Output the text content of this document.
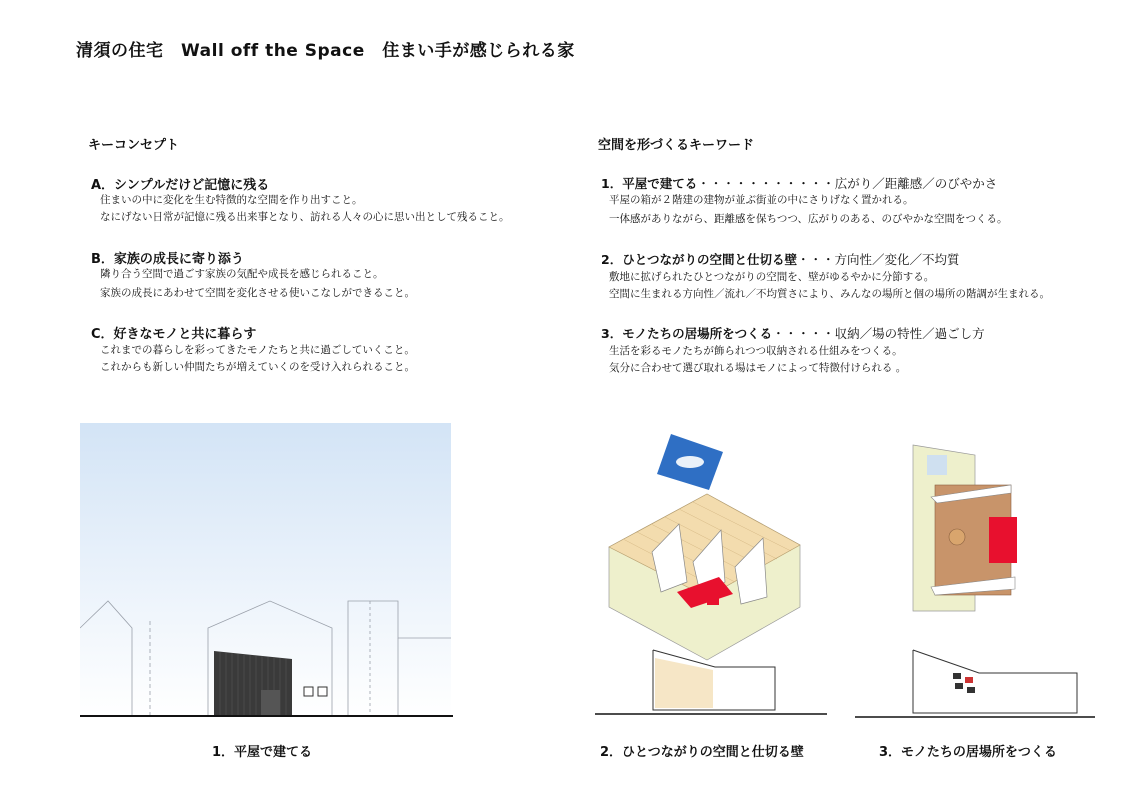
清須の住宅　Wall off the Space　住まい手が感じられる家
キーコンセプト
A．シンプルだけど記憶に残る
住まいの中に変化を生む特徴的な空間を作り出すこと。
なにげない日常が記憶に残る出来事となり、訪れる人々の心に思い出として残ること。
B．家族の成長に寄り添う
隣り合う空間で過ごす家族の気配や成長を感じられること。
家族の成長にあわせて空間を変化させる使いこなしができること。
C．好きなモノと共に暮らす
これまでの暮らしを彩ってきたモノたちと共に過ごしていくこと。
これからも新しい仲間たちが増えていくのを受け入れられること。
空間を形づくるキーワード
1．平屋で建てる・・・・・・・・・・・広がり／距離感／のびやかさ
平屋の箱が２階建の建物が並ぶ街並の中にさりげなく置かれる。
一体感がありながら、距離感を保ちつつ、広がりのある、のびやかな空間をつくる。
2．ひとつながりの空間と仕切る壁・・・方向性／変化／不均質
敷地に拡げられたひとつながりの空間を、壁がゆるやかに分節する。
空間に生まれる方向性／流れ／不均質さにより、みんなの場所と個の場所の階調が生まれる。
3．モノたちの居場所をつくる・・・・・収納／場の特性／過ごし方
生活を彩るモノたちが飾られつつ収納される仕組みをつくる。
気分に合わせて選び取れる場はモノによって特徴付けられる 。
1．平屋で建てる	2．ひとつながりの空間と仕切る壁	3．モノたちの居場所をつくる
